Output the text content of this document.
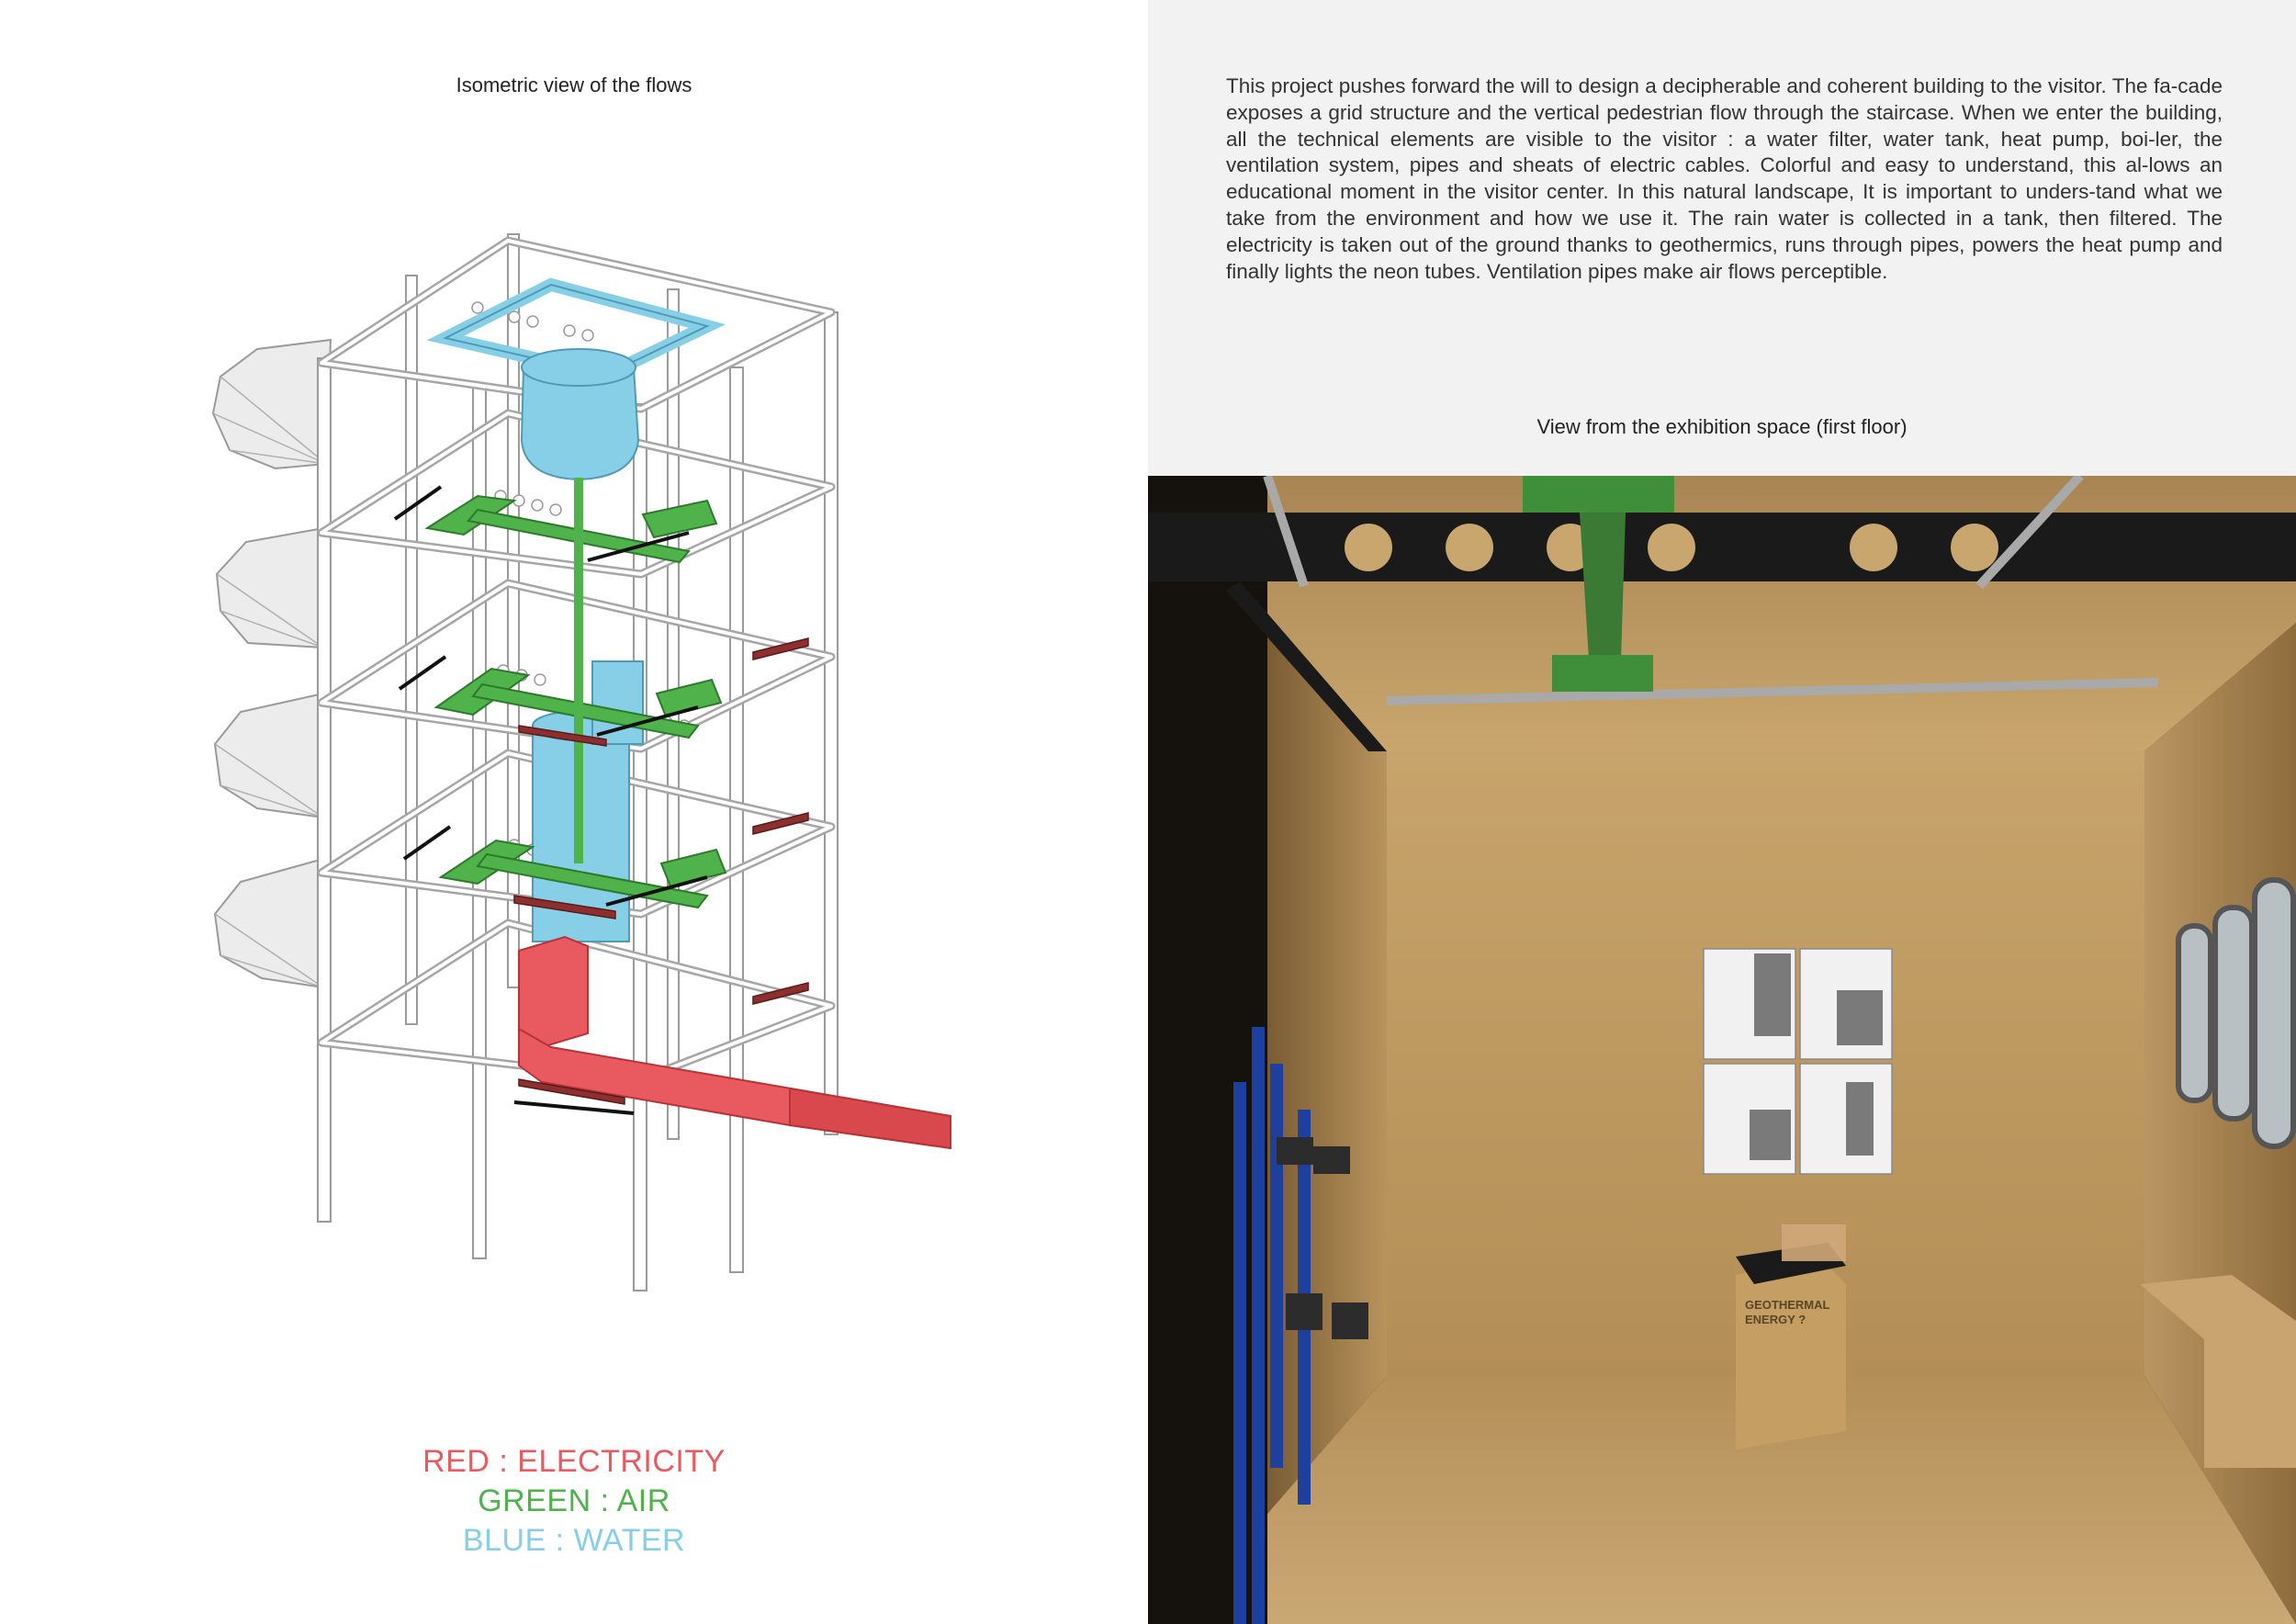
Isometric view of the flows
RED : ELECTRICITY
GREEN : AIR
BLUE : WATER
This project pushes forward the will to design a decipherable and coherent building to the visitor. The fa-cade exposes a grid structure and the vertical pedestrian flow through the staircase. When we enter the building, all the technical elements are visible to the visitor : a water filter, water tank, heat pump, boi-ler, the ventilation system, pipes and sheats of electric cables. Colorful and easy to understand, this al-lows an educational moment in the visitor center. In this natural landscape, It is important to unders-tand what we take from the environment and how we use it. The rain water is collected in a tank, then filtered. The electricity is taken out of the ground thanks to geothermics, runs through pipes, powers the heat pump and finally lights the neon tubes. Ventilation pipes make air flows perceptible.
View from the exhibition space (first floor)
GEOTHERMAL ENERGY ?
